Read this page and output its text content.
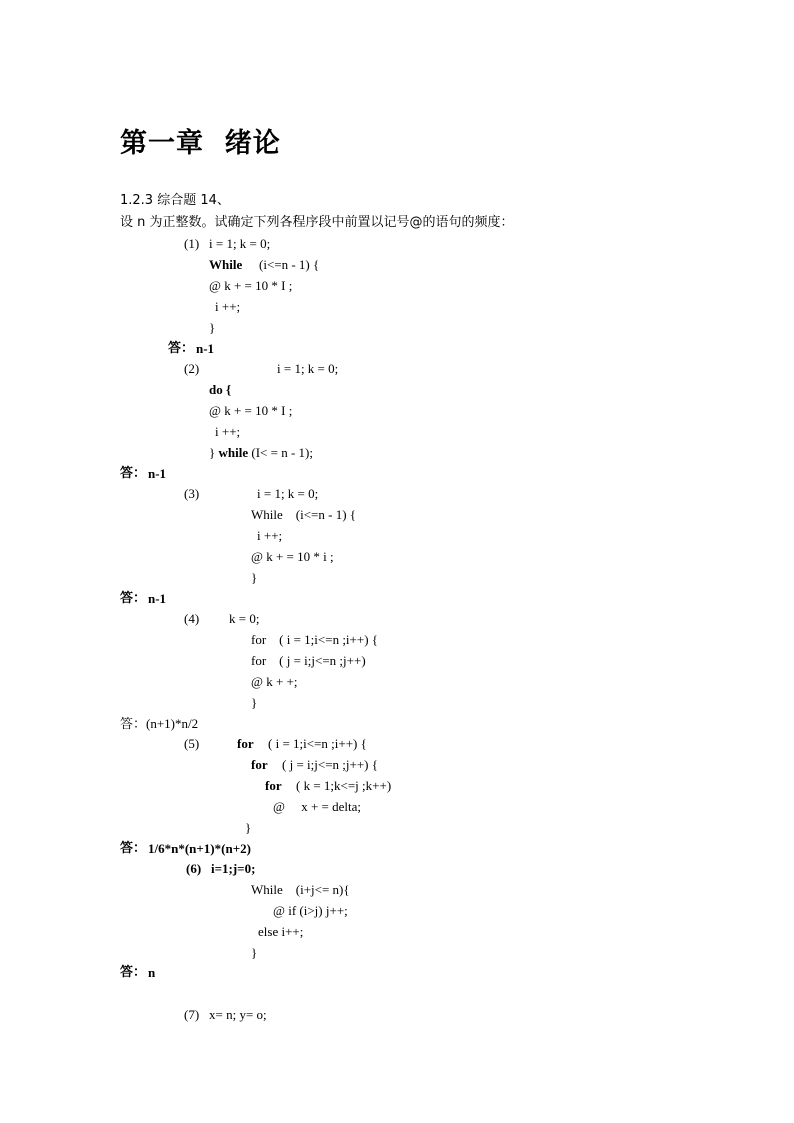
第一章  绪论
1.2.3 综合题 14、
设 n 为正整数。试确定下列各程序段中前置以记号@的语句的频度：
(1) i = 1; k = 0;
While (i<=n - 1) {
@ k + = 10 * I ;
i ++;
}
答： n-1
(2)	i = 1; k = 0;
do {
@ k + = 10 * I ;
i ++;
} while (I< = n - 1);
答： n-1
(3)	i = 1; k = 0;
While    (i<=n - 1) {
i ++;
@ k + = 10 * i ;
}
答： n-1
(4) k = 0;
for    ( i = 1;i<=n ;i++) {
for    ( j = i;j<=n ;j++)
@ k + +;
}
答：(n+1)*n/2
(5)	for ( i = 1;i<=n ;i++) {
for ( j = i;j<=n ;j++) {
for ( k = 1;k<=j ;k++)
@     x + = delta;
}
答： 1/6*n*(n+1)*(n+2)
(6) i=1;j=0;
While    (i+j<= n){
@ if (i>j) j++;
else i++;
}
答： n
(7) x= n; y= o;
